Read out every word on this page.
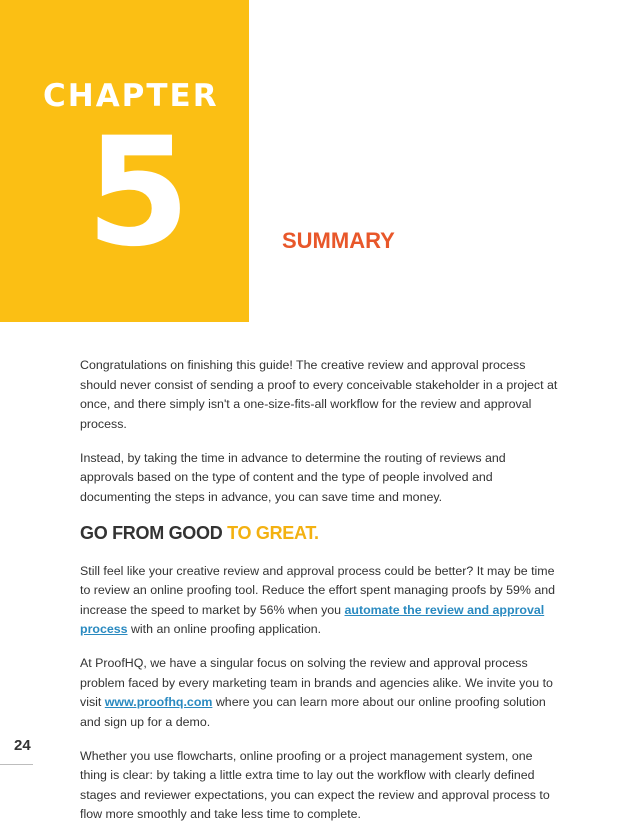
CHAPTER
5	SUMMARY

Congratulations on finishing this guide! The creative review and approval process should never consist of sending a proof to every conceivable stakeholder in a project at once, and there simply isn't a one-size-fits-all workflow for the review and approval process.

Instead, by taking the time in advance to determine the routing of reviews and approvals based on the type of content and the type of people involved and documenting the steps in advance, you can save time and money.

GO FROM GOOD TO GREAT.

Still feel like your creative review and approval process could be better? It may be time to review an online proofing tool. Reduce the effort spent managing proofs by 59% and increase the speed to market by 56% when you automate the review and approval process with an online proofing application.

At ProofHQ, we have a singular focus on solving the review and approval process problem faced by every marketing team in brands and agencies alike. We invite you to visit www.proofhq.com where you can learn more about our online proofing solution and sign up for a demo.

Whether you use flowcharts, online proofing or a project management system, one thing is clear: by taking a little extra time to lay out the workflow with clearly defined stages and reviewer expectations, you can expect the review and approval process to flow more smoothly and take less time to complete.

24
